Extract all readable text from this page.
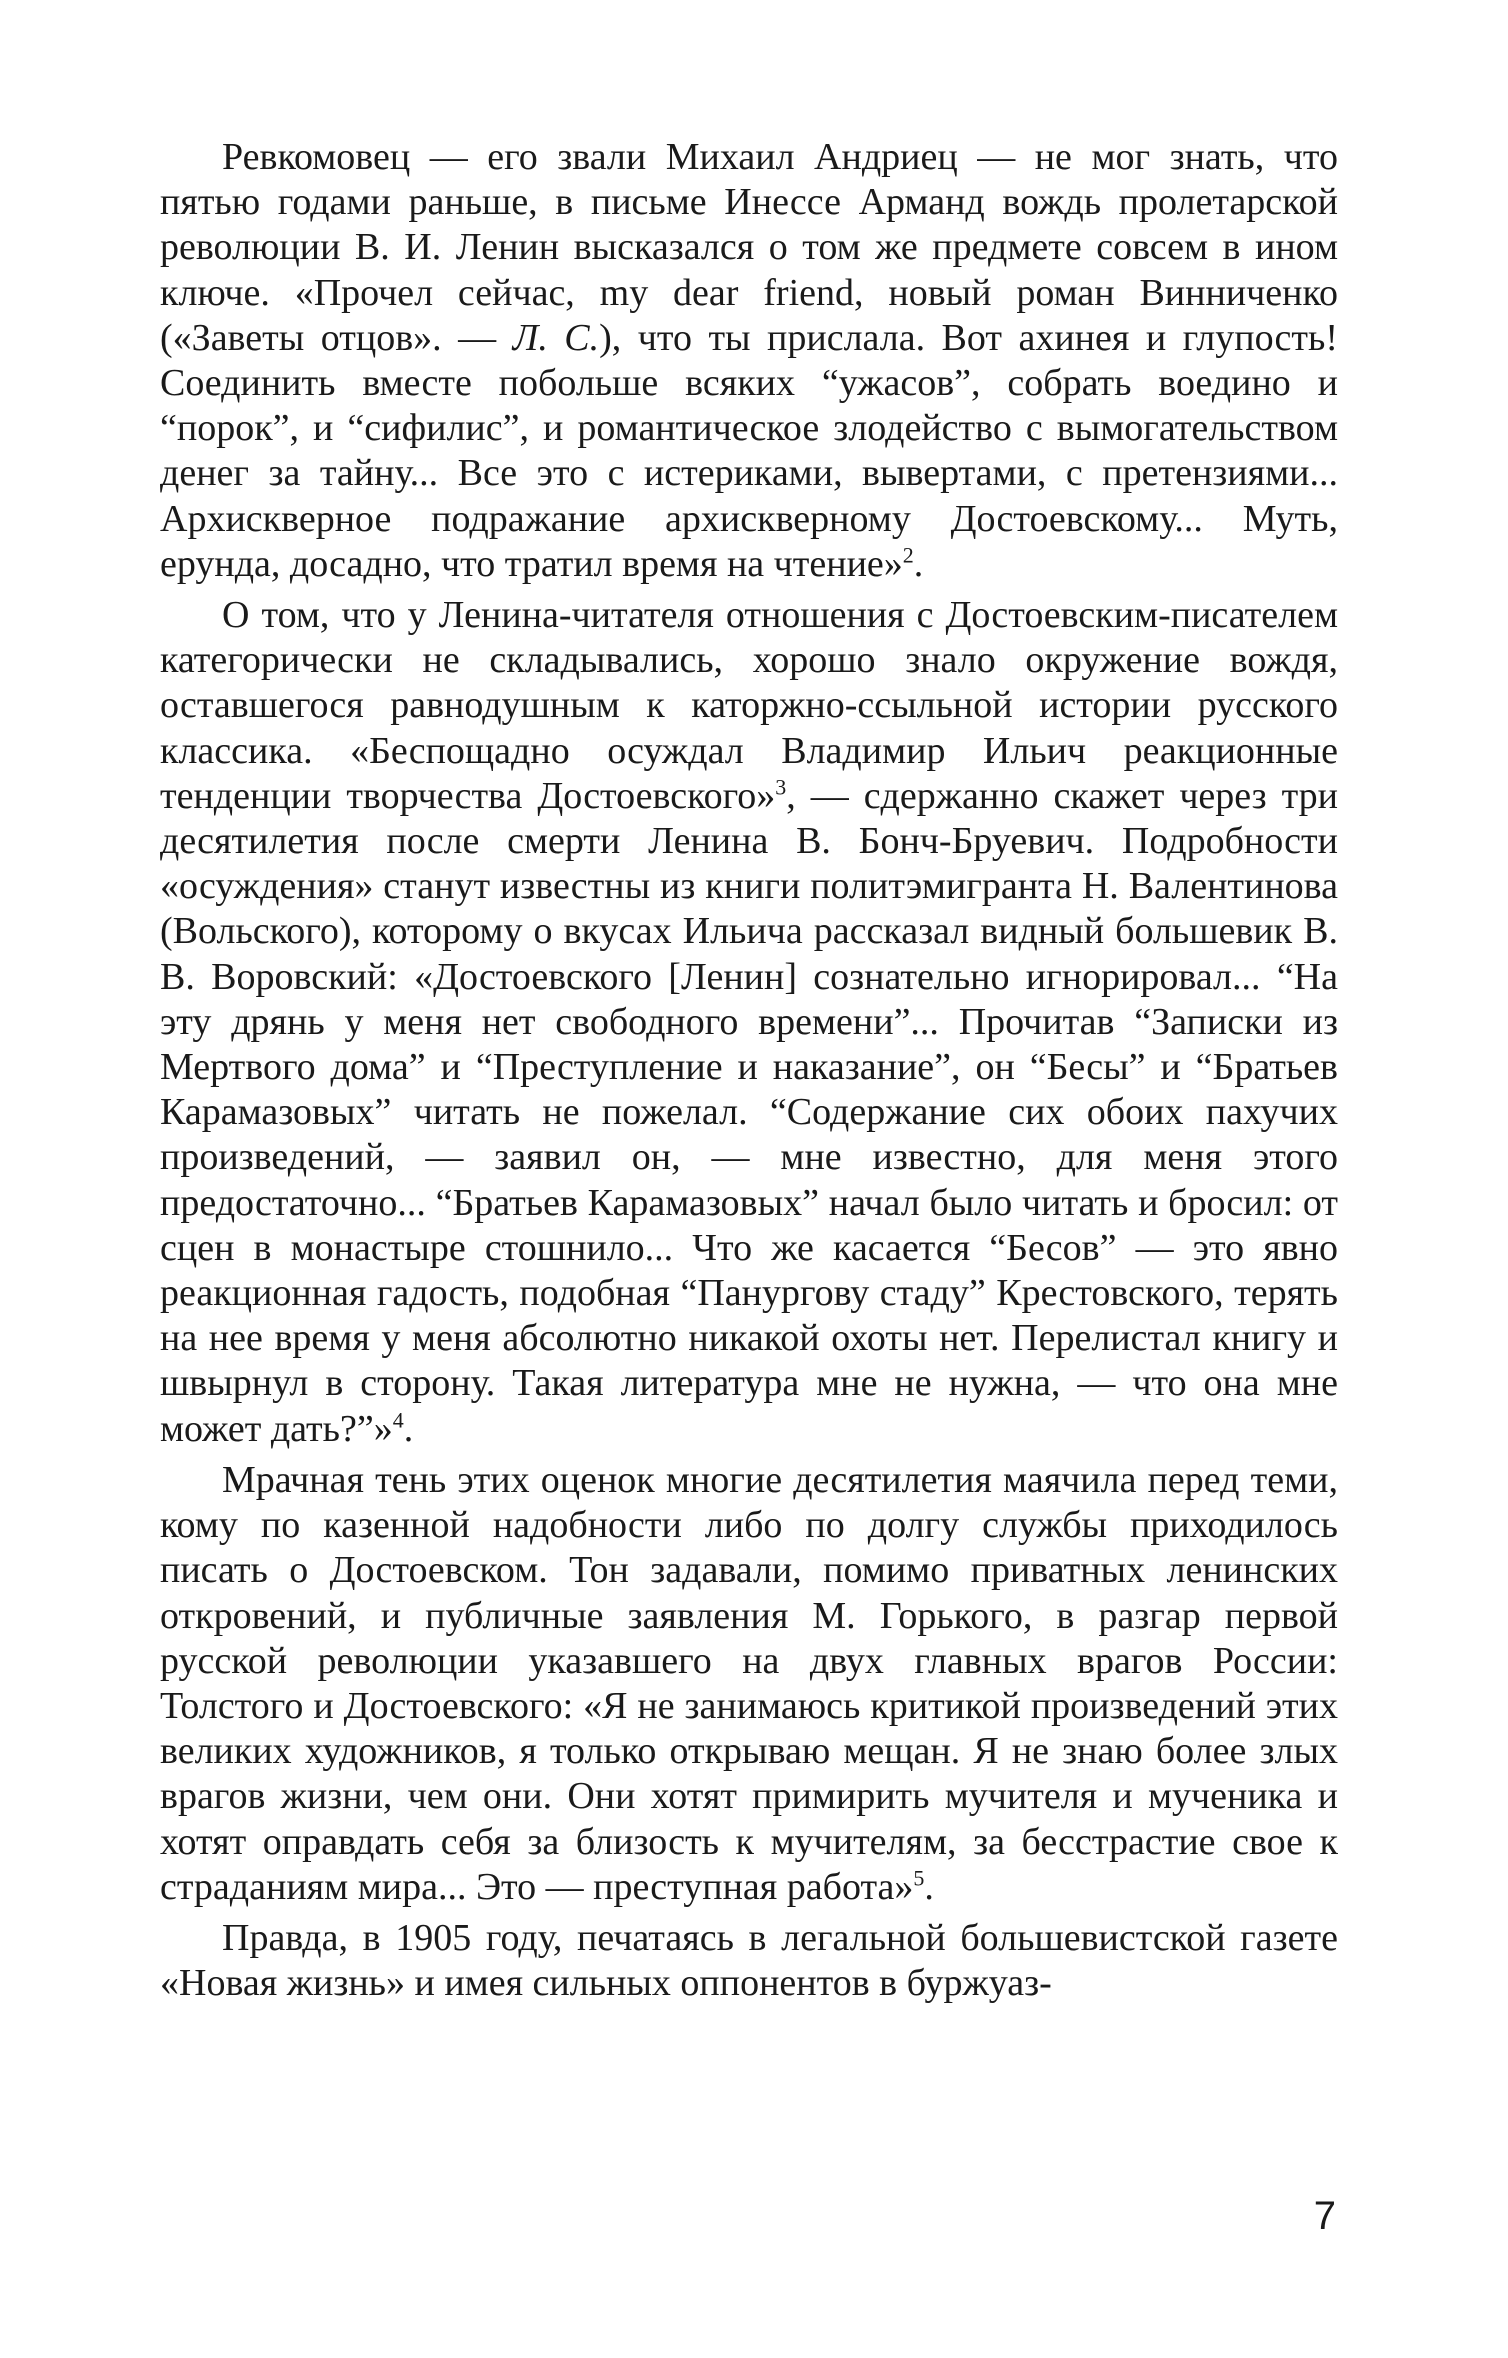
Ревкомовец — его звали Михаил Андриец — не мог знать, что пятью годами раньше, в письме Инессе Арманд вождь пролетарской революции В. И. Ленин высказался о том же предмете совсем в ином ключе. «Прочел сейчас, my dear friend, новый роман Винниченко («Заветы отцов». — Л. С.), что ты прислала. Вот ахинея и глупость! Соединить вместе побольше всяких “ужасов”, собрать воедино и “порок”, и “сифилис”, и романтическое злодейство с вымогательством денег за тайну... Все это с истериками, вывертами, с претензиями... Архискверное подражание архискверному Достоевскому... Муть, ерунда, досадно, что тратил время на чтение»$^2$.

О том, что у Ленина-читателя отношения с Достоевским-писателем категорически не складывались, хорошо знало окружение вождя, оставшегося равнодушным к каторжно-ссыльной истории русского классика. «Беспощадно осуждал Владимир Ильич реакционные тенденции творчества Достоевского»$^3$, — сдержанно скажет через три десятилетия после смерти Ленина В. Бонч-Бруевич. Подробности «осуждения» станут известны из книги политэмигранта Н. Валентинова (Вольского), которому о вкусах Ильича рассказал видный большевик В. В. Воровский: «Достоевского [Ленин] сознательно игнорировал... “На эту дрянь у меня нет свободного времени”... Прочитав “Записки из Мертвого дома” и “Преступление и наказание”, он “Бесы” и “Братьев Карамазовых” читать не пожелал. “Содержание сих обоих пахучих произведений, — заявил он, — мне известно, для меня этого предостаточно... “Братьев Карамазовых” начал было читать и бросил: от сцен в монастыре стошнило... Что же касается “Бесов” — это явно реакционная гадость, подобная “Панургову стаду” Крестовского, терять на нее время у меня абсолютно никакой охоты нет. Перелистал книгу и швырнул в сторону. Такая литература мне не нужна, — что она мне может дать?”»$^4$.

Мрачная тень этих оценок многие десятилетия маячила перед теми, кому по казенной надобности либо по долгу службы приходилось писать о Достоевском. Тон задавали, помимо приватных ленинских откровений, и публичные заявления М. Горького, в разгар первой русской революции указавшего на двух главных врагов России: Толстого и Достоевского: «Я не занимаюсь критикой произведений этих великих художников, я только открываю мещан. Я не знаю более злых врагов жизни, чем они. Они хотят примирить мучителя и мученика и хотят оправдать себя за близость к мучителям, за бесстрастие свое к страданиям мира... Это — преступная работа»$^5$.

Правда, в 1905 году, печатаясь в легальной большевистской газете «Новая жизнь» и имея сильных оппонентов в буржуаз-

7
